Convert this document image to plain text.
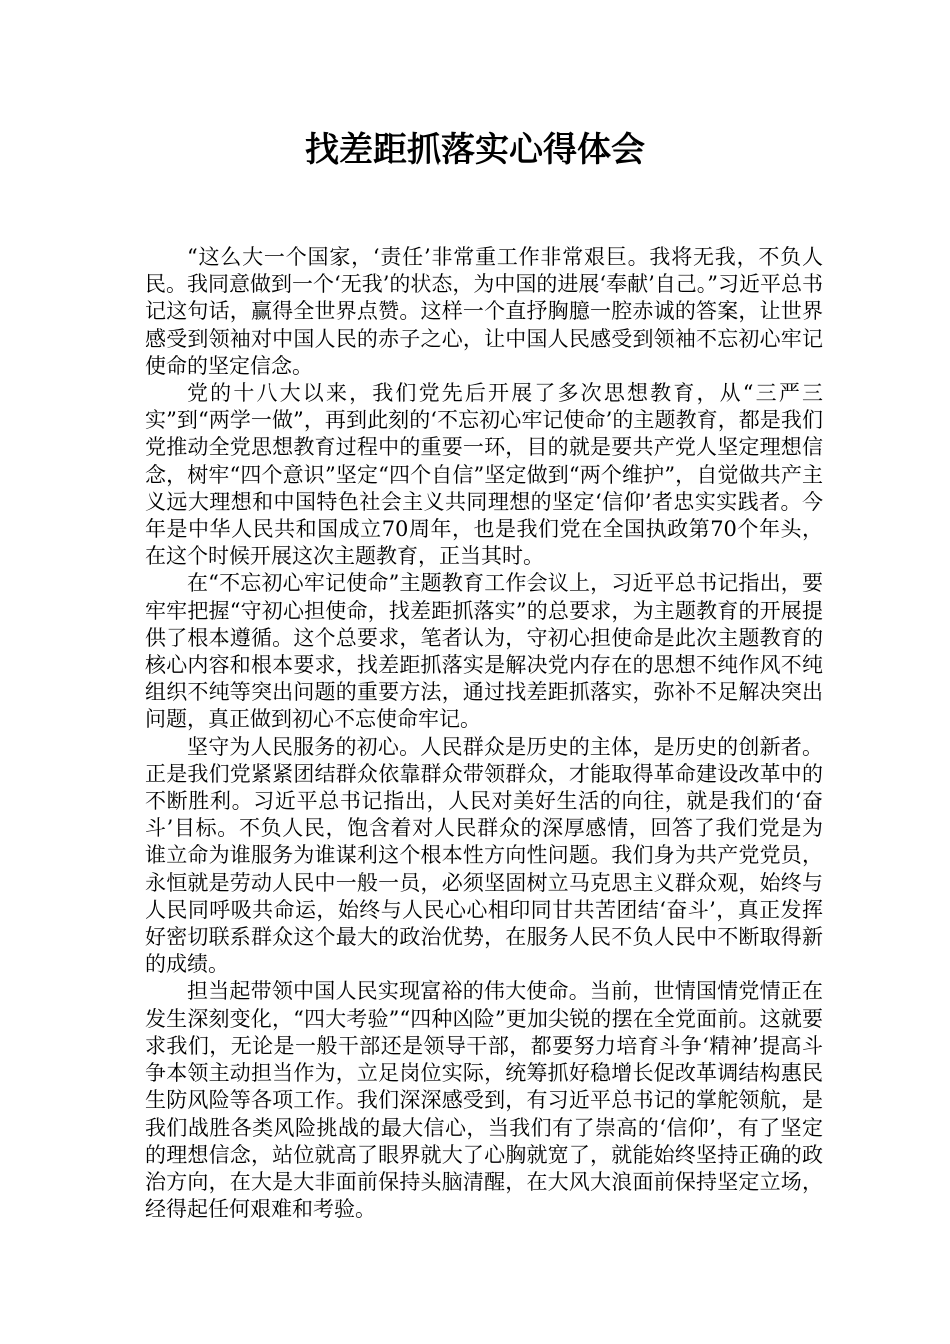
找差距抓落实心得体会

“这么大一个国家，‘责任’非常重工作非常艰巨。我将无我，不负人民。我同意做到一个‘无我’的状态，为中国的进展‘奉献’自己。”习近平总书记这句话，赢得全世界点赞。这样一个直抒胸臆一腔赤诚的答案，让世界感受到领袖对中国人民的赤子之心，让中国人民感受到领袖不忘初心牢记使命的坚定信念。

党的十八大以来，我们党先后开展了多次思想教育，从“三严三实”到“两学一做”，再到此刻的‘不忘初心牢记使命’的主题教育，都是我们党推动全党思想教育过程中的重要一环，目的就是要共产党人坚定理想信念，树牢“四个意识”坚定“四个自信”坚定做到“两个维护”，自觉做共产主义远大理想和中国特色社会主义共同理想的坚定‘信仰’者忠实实践者。今年是中华人民共和国成立70周年，也是我们党在全国执政第70个年头，在这个时候开展这次主题教育，正当其时。

在“不忘初心牢记使命”主题教育工作会议上，习近平总书记指出，要牢牢把握“守初心担使命，找差距抓落实”的总要求，为主题教育的开展提供了根本遵循。这个总要求，笔者认为，守初心担使命是此次主题教育的核心内容和根本要求，找差距抓落实是解决党内存在的思想不纯作风不纯组织不纯等突出问题的重要方法，通过找差距抓落实，弥补不足解决突出问题，真正做到初心不忘使命牢记。

坚守为人民服务的初心。人民群众是历史的主体，是历史的创新者。正是我们党紧紧团结群众依靠群众带领群众，才能取得革命建设改革中的不断胜利。习近平总书记指出，人民对美好生活的向往，就是我们的‘奋斗’目标。不负人民，饱含着对人民群众的深厚感情，回答了我们党是为谁立命为谁服务为谁谋利这个根本性方向性问题。我们身为共产党党员，永恒就是劳动人民中一般一员，必须坚固树立马克思主义群众观，始终与人民同呼吸共命运，始终与人民心心相印同甘共苦团结‘奋斗’，真正发挥好密切联系群众这个最大的政治优势，在服务人民不负人民中不断取得新的成绩。

担当起带领中国人民实现富裕的伟大使命。当前，世情国情党情正在发生深刻变化，“四大考验”“四种凶险”更加尖锐的摆在全党面前。这就要求我们，无论是一般干部还是领导干部，都要努力培育斗争‘精神’提高斗争本领主动担当作为，立足岗位实际，统筹抓好稳增长促改革调结构惠民生防风险等各项工作。我们深深感受到，有习近平总书记的掌舵领航，是我们战胜各类风险挑战的最大信心，当我们有了崇高的‘信仰’，有了坚定的理想信念，站位就高了眼界就大了心胸就宽了，就能始终坚持正确的政治方向，在大是大非面前保持头脑清醒，在大风大浪面前保持坚定立场，经得起任何艰难和考验。
